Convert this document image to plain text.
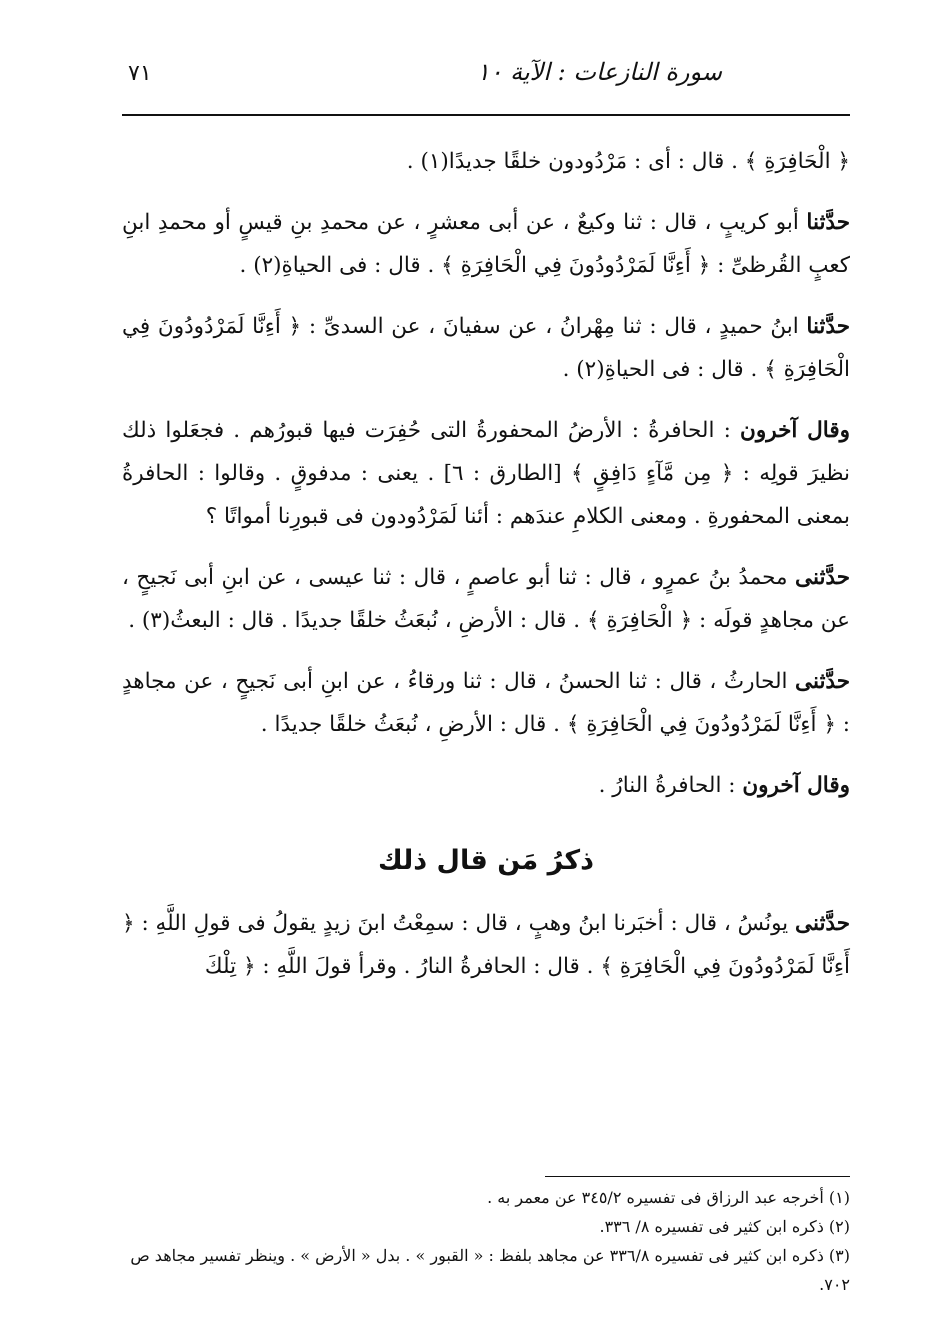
سورة النازعات : الآية ١٠
٧١

﴿ الْحَافِرَةِ ﴾ . قال : أى : مَرْدُودون خلقًا جديدًا(١) .

حدَّثنا أبو كريبٍ ، قال : ثنا وكيعٌ ، عن أبى معشرٍ ، عن محمدِ بنِ قيسٍ أو محمدِ ابنِ كعبٍ القُرظىِّ : ﴿ أَءِنَّا لَمَرْدُودُونَ فِي الْحَافِرَةِ ﴾ . قال : فى الحياةِ(٢) .

حدَّثنا ابنُ حميدٍ ، قال : ثنا مِهْرانُ ، عن سفيانَ ، عن السدىِّ : ﴿ أَءِنَّا لَمَرْدُودُونَ فِي الْحَافِرَةِ ﴾ . قال : فى الحياةِ(٢) .

وقال آخرون : الحافرةُ : الأرضُ المحفورةُ التى حُفِرَت فيها قبورُهم . فجعَلوا ذلك نظيرَ قولِه : ﴿ مِن مَّآءٍ دَافِقٍ ﴾ [الطارق : ٦] . يعنى : مدفوقٍ . وقالوا : الحافرةُ بمعنى المحفورةِ . ومعنى الكلامِ عندَهم : أئنا لَمَرْدُودون فى قبورِنا أمواتًا ؟

حدَّثنى محمدُ بنُ عمرٍو ، قال : ثنا أبو عاصمٍ ، قال : ثنا عيسى ، عن ابنِ أبى نَجيحٍ ، عن مجاهدٍ قولَه : ﴿ الْحَافِرَةِ ﴾ . قال : الأرضِ ، نُبعَثُ خلقًا جديدًا . قال : البعثُ(٣) .

حدَّثنى الحارثُ ، قال : ثنا الحسنُ ، قال : ثنا ورقاءُ ، عن ابنِ أبى نَجيحٍ ، عن مجاهدٍ : ﴿ أَءِنَّا لَمَرْدُودُونَ فِي الْحَافِرَةِ ﴾ . قال : الأرضِ ، نُبعَثُ خلقًا جديدًا .

وقال آخرون : الحافرةُ النارُ .

ذكرُ مَن قال ذلك

حدَّثنى يونُسُ ، قال : أخبَرنا ابنُ وهبٍ ، قال : سمِعْتُ ابنَ زيدٍ يقولُ فى قولِ اللَّهِ : ﴿ أَءِنَّا لَمَرْدُودُونَ فِي الْحَافِرَةِ ﴾ . قال : الحافرةُ النارُ . وقرأ قولَ اللَّهِ : ﴿ تِلْكَ

(١) أخرجه عبد الرزاق فى تفسيره ٣٤٥/٢ عن معمر به .

(٢) ذكره ابن كثير فى تفسيره ٨/ ٣٣٦.

(٣) ذكره ابن كثير فى تفسيره ٣٣٦/٨ عن مجاهد بلفظ : « القبور » . بدل « الأرض » . وينظر تفسير مجاهد ص ٧٠٢.
